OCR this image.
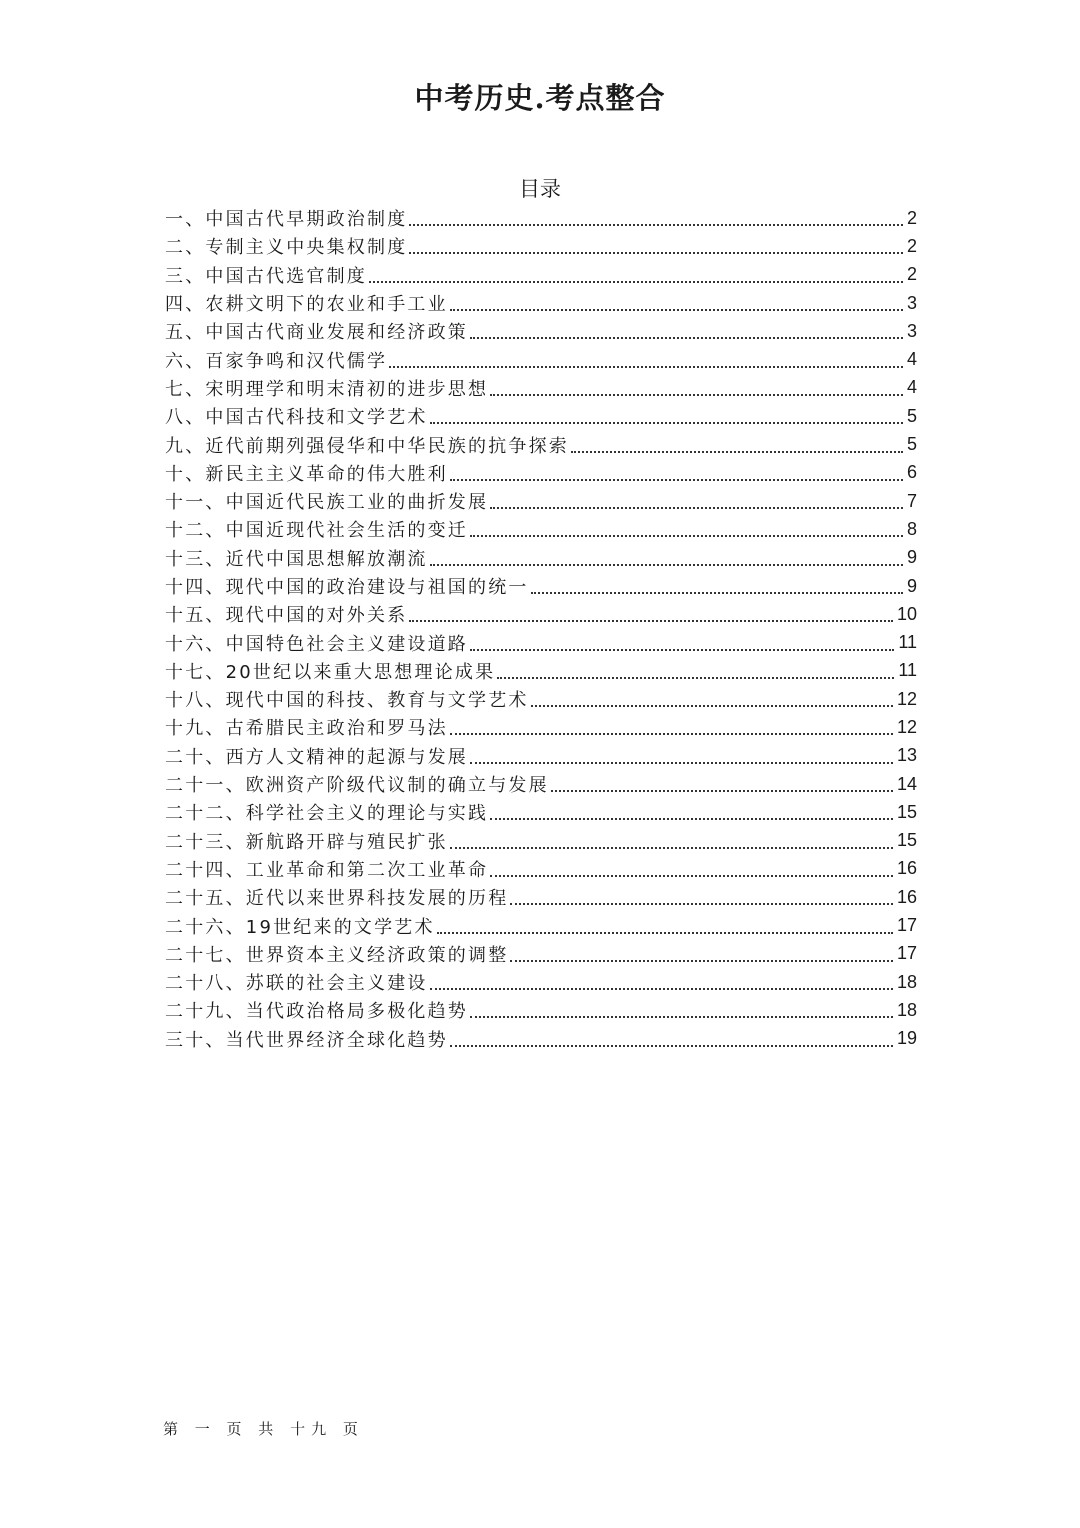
中考历史.考点整合
目录
一、中国古代早期政治制度	2
二、专制主义中央集权制度	2
三、中国古代选官制度	2
四、农耕文明下的农业和手工业	3
五、中国古代商业发展和经济政策	3
六、百家争鸣和汉代儒学	4
七、宋明理学和明末清初的进步思想	4
八、中国古代科技和文学艺术	5
九、近代前期列强侵华和中华民族的抗争探索	5
十、新民主主义革命的伟大胜利	6
十一、中国近代民族工业的曲折发展	7
十二、中国近现代社会生活的变迁	8
十三、近代中国思想解放潮流	9
十四、现代中国的政治建设与祖国的统一	9
十五、现代中国的对外关系	10
十六、中国特色社会主义建设道路	11
十七、20世纪以来重大思想理论成果	11
十八、现代中国的科技、教育与文学艺术	12
十九、古希腊民主政治和罗马法	12
二十、西方人文精神的起源与发展	13
二十一、欧洲资产阶级代议制的确立与发展	14
二十二、科学社会主义的理论与实践	15
二十三、新航路开辟与殖民扩张	15
二十四、工业革命和第二次工业革命	16
二十五、近代以来世界科技发展的历程	16
二十六、19世纪来的文学艺术	17
二十七、世界资本主义经济政策的调整	17
二十八、苏联的社会主义建设	18
二十九、当代政治格局多极化趋势	18
三十、当代世界经济全球化趋势	19
第 一 页 共 十九 页
